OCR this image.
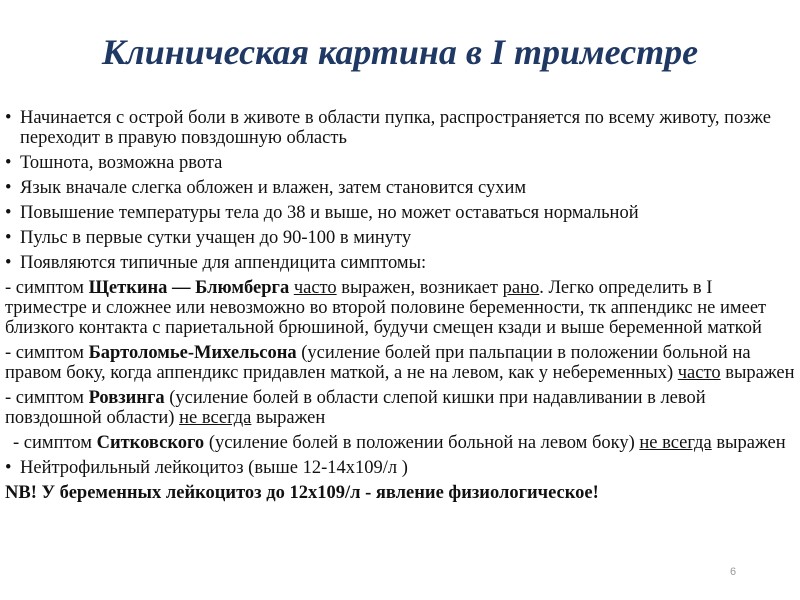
Клиническая картина в I триместре
• Начинается с острой боли в животе в области пупка, распространяется по всему животу, позже переходит в правую повздошную область
• Тошнота, возможна рвота
• Язык вначале слегка обложен и влажен, затем становится сухим
• Повышение температуры тела до 38 и выше, но может оставаться нормальной
• Пульс в первые сутки учащен до 90-100 в минуту
• Появляются типичные для аппендицита симптомы:
- симптом Щеткина — Блюмберга часто выражен, возникает рано. Легко определить в I триместре и сложнее или невозможно во второй половине беременности, тк аппендикс не имеет близкого контакта с париетальной брюшиной, будучи смещен кзади и выше беременной маткой
- симптом Бартоломье-Михельсона (усиление болей при пальпации в положении больной на правом боку, когда аппендикс придавлен маткой, а не на левом, как у небеременных) часто выражен
- симптом Ровзинга (усиление болей в области слепой кишки при надавливании в левой повздошной области) не всегда выражен
- симптом Ситковского (усиление болей в положении больной на левом боку) не всегда выражен
• Нейтрофильный лейкоцитоз (выше 12-14х109/л )
NB! У беременных лейкоцитоз до 12х109/л - явление физиологическое!
6
